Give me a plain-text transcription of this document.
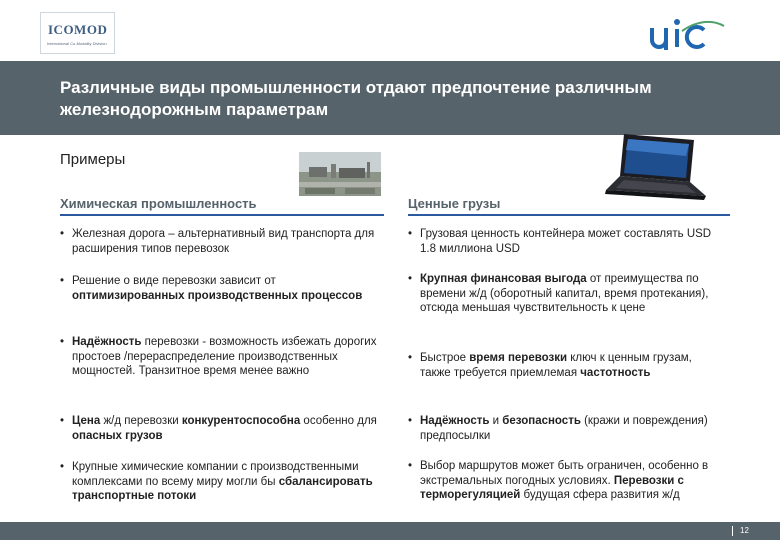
ICOMOD
International Co-Modality Division
Различные виды промышленности отдают предпочтение различным железнодорожным параметрам
Примеры
Химическая промышленность
• Железная дорога – альтернативный вид транспорта для расширения типов перевозок
• Решение о виде перевозки зависит от оптимизированных производственных процессов
• Надёжность перевозки - возможность избежать дорогих простоев /перераспределение производственных мощностей. Транзитное время менее важно
• Цена ж/д перевозки конкурентоспособна особенно для опасных грузов
• Крупные химические компании с производственными комплексами по всему миру могли бы сбалансировать транспортные потоки
Ценные грузы
• Грузовая ценность контейнера может составлять USD 1.8 миллиона USD
• Крупная финансовая выгода от преимущества по времени ж/д (оборотный капитал, время протекания), отсюда меньшая чувствительность к цене
• Быстрое время перевозки ключ к ценным грузам, также требуется приемлемая частотность
• Надёжность и безопасность (кражи и повреждения) предпосылки
• Выбор маршрутов может быть ограничен, особенно в экстремальных погодных условиях. Перевозки с терморегуляцией будущая сфера развития ж/д
12
